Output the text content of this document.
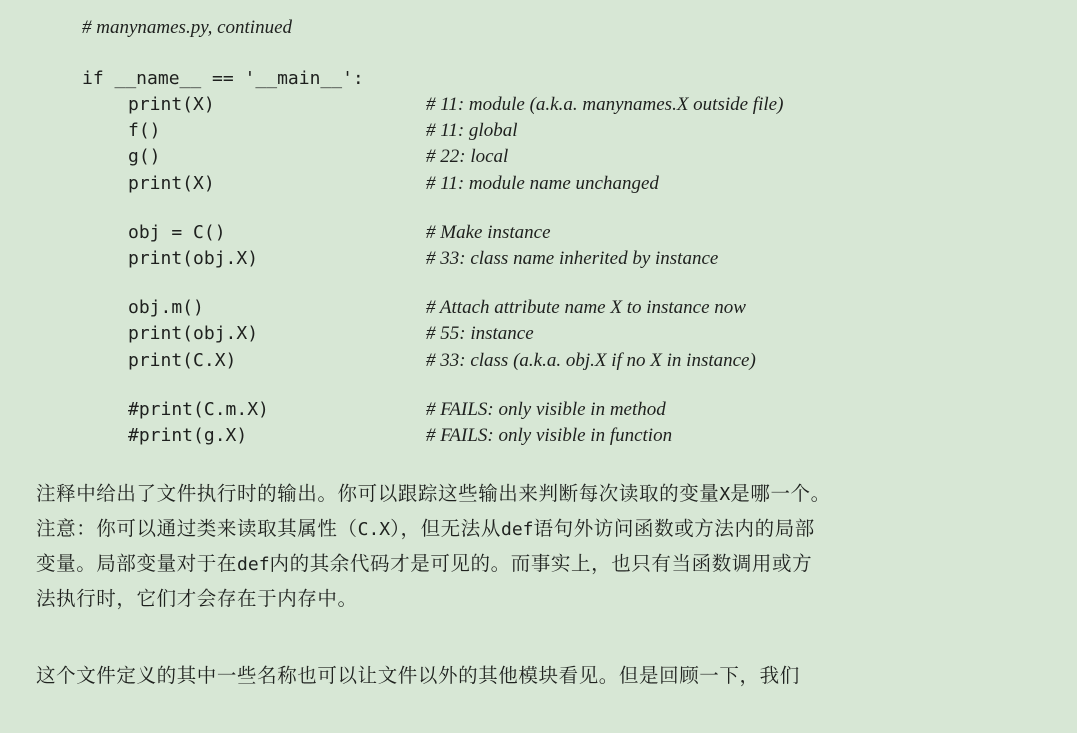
# manynames.py, continued
if __name__ == '__main__':
print(X)	# 11: module (a.k.a. manynames.X outside file)
f()	# 11: global
g()	# 22: local
print(X)	# 11: module name unchanged
obj = C()	# Make instance
print(obj.X)	# 33: class name inherited by instance
obj.m()	# Attach attribute name X to instance now
print(obj.X)	# 55: instance
print(C.X)	# 33: class (a.k.a. obj.X if no X in instance)
#print(C.m.X)	# FAILS: only visible in method
#print(g.X)	# FAILS: only visible in function
注释中给出了文件执行时的输出。你可以跟踪这些输出来判断每次读取的变量X是哪一个。
注意：你可以通过类来读取其属性（C.X），但无法从def语句外访问函数或方法内的局部
变量。局部变量对于在def内的其余代码才是可见的。而事实上，也只有当函数调用或方
法执行时，它们才会存在于内存中。
这个文件定义的其中一些名称也可以让文件以外的其他模块看见。但是回顾一下，我们
